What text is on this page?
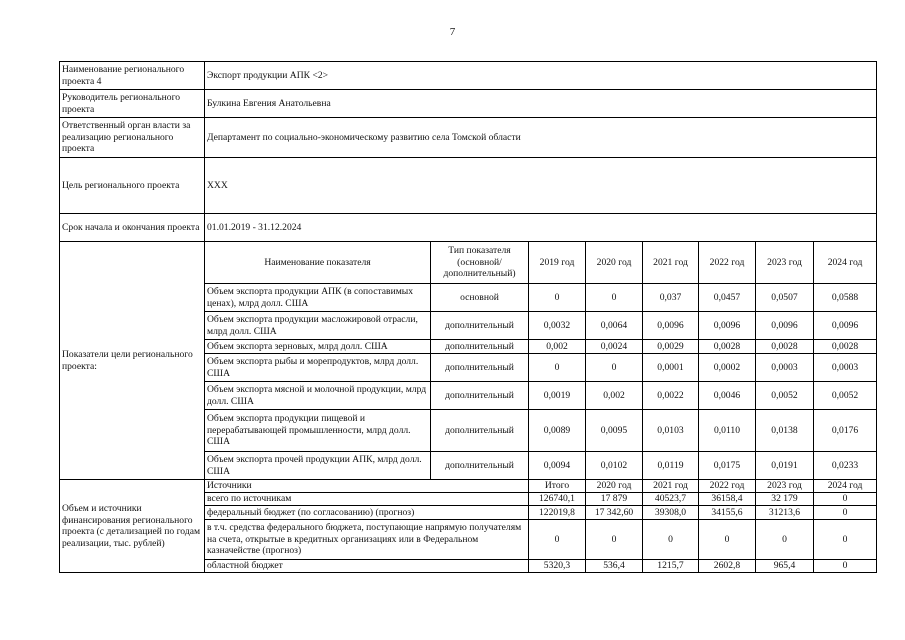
7
Наименование регионального проекта 4	Экспорт продукции АПК <2>							
Руководитель регионального проекта	Булкина Евгения Анатольевна							
Ответственный орган власти за реализацию регионального проекта	Департамент по социально-экономическому развитию села Томской области							
Цель регионального проекта	XXX							
Срок начала и окончания проекта	01.01.2019 - 31.12.2024							
Показатели цели регионального проекта:	Наименование показателя	Тип показателя (основной/ дополнительный)	2019 год	2020 год	2021 год	2022 год	2023 год	2024 год
	Объем экспорта продукции АПК (в сопоставимых ценах), млрд долл. США	основной	0	0	0,037	0,0457	0,0507	0,0588
	Объем экспорта продукции масложировой отрасли, млрд долл. США	дополнительный	0,0032	0,0064	0,0096	0,0096	0,0096	0,0096
	Объем экспорта зерновых, млрд долл. США	дополнительный	0,002	0,0024	0,0029	0,0028	0,0028	0,0028
	Объем экспорта рыбы и морепродуктов, млрд долл. США	дополнительный	0	0	0,0001	0,0002	0,0003	0,0003
	Объем экспорта мясной и молочной продукции, млрд долл. США	дополнительный	0,0019	0,002	0,0022	0,0046	0,0052	0,0052
	Объем экспорта продукции пищевой и перерабатывающей промышленности, млрд долл. США	дополнительный	0,0089	0,0095	0,0103	0,0110	0,0138	0,0176
	Объем экспорта прочей продукции АПК, млрд долл. США	дополнительный	0,0094	0,0102	0,0119	0,0175	0,0191	0,0233
Объем и источники финансирования регионального проекта (с детализацией по годам реализации, тыс. рублей)	Источники		Итого	2020 год	2021 год	2022 год	2023 год	2024 год
	всего по источникам		126740,1	17 879	40523,7	36158,4	32 179	0
	федеральный бюджет (по согласованию) (прогноз)		122019,8	17 342,60	39308,0	34155,6	31213,6	0
	в т.ч. средства федерального бюджета, поступающие напрямую получателям на счета, открытые в кредитных организациях или в Федеральном казначействе (прогноз)		0	0	0	0	0	0
	областной бюджет		5320,3	536,4	1215,7	2602,8	965,4	0
